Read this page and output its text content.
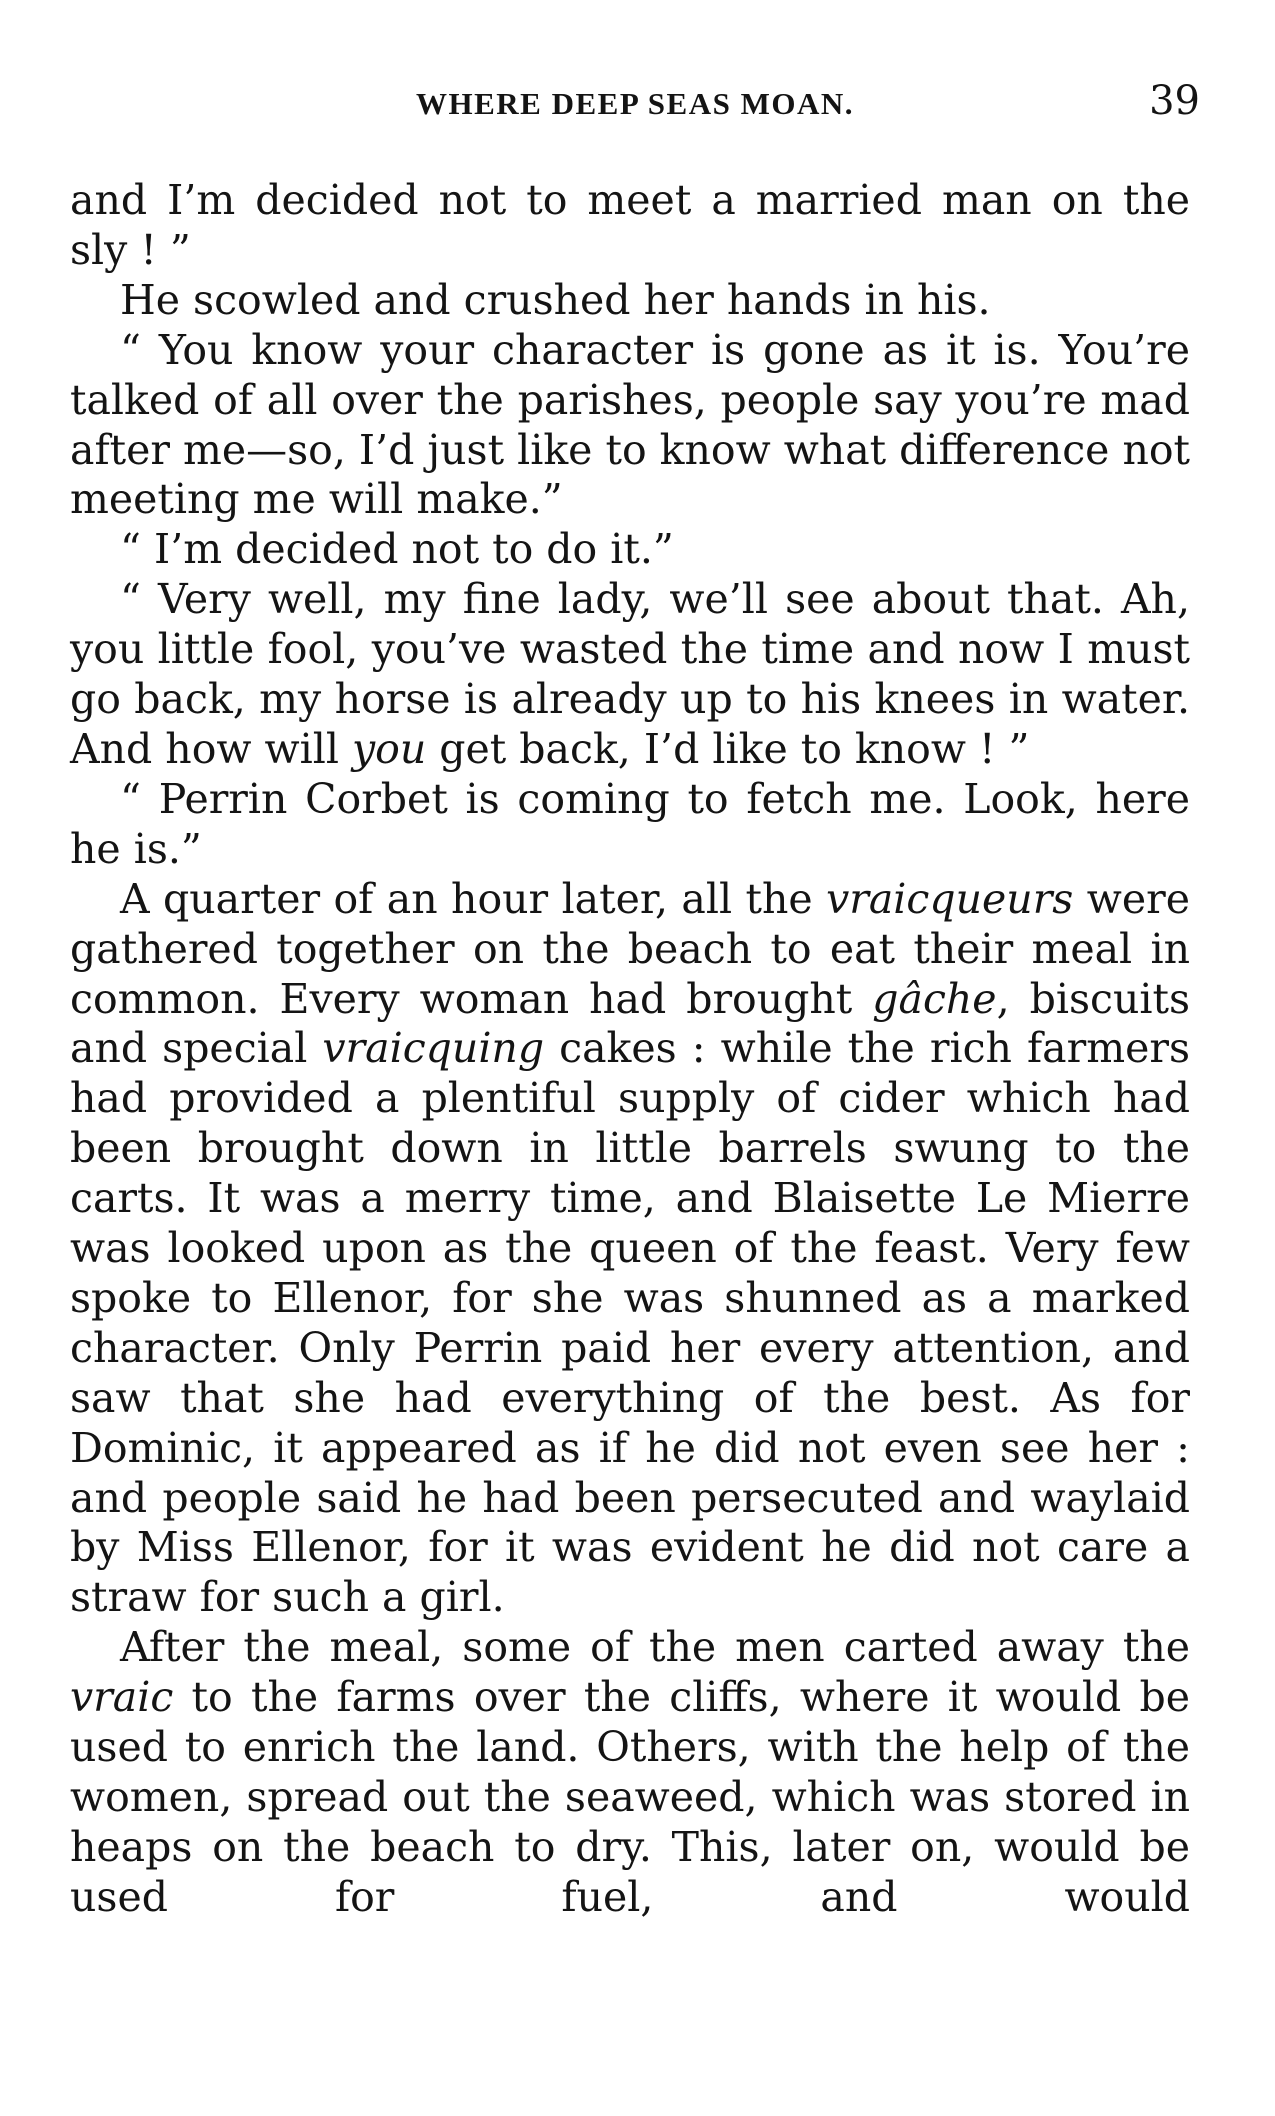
WHERE DEEP SEAS MOAN.	39

and I’m decided not to meet a married man on the sly ! ”

He scowled and crushed her hands in his.

“ You know your character is gone as it is. You’re talked of all over the parishes, people say you’re mad after me—so, I’d just like to know what difference not meeting me will make.”

“ I’m decided not to do it.”

“ Very well, my fine lady, we’ll see about that. Ah, you little fool, you’ve wasted the time and now I must go back, my horse is already up to his knees in water. And how will you get back, I’d like to know ! ”

“ Perrin Corbet is coming to fetch me. Look, here he is.”

A quarter of an hour later, all the vraicqueurs were gathered together on the beach to eat their meal in common. Every woman had brought gâche, biscuits and special vraicquing cakes : while the rich farmers had provided a plentiful supply of cider which had been brought down in little barrels swung to the carts. It was a merry time, and Blaisette Le Mierre was looked upon as the queen of the feast. Very few spoke to Ellenor, for she was shunned as a marked character. Only Perrin paid her every attention, and saw that she had everything of the best. As for Dominic, it appeared as if he did not even see her : and people said he had been persecuted and waylaid by Miss Ellenor, for it was evident he did not care a straw for such a girl.

After the meal, some of the men carted away the vraic to the farms over the cliffs, where it would be used to enrich the land. Others, with the help of the women, spread out the seaweed, which was stored in heaps on the beach to dry. This, later on, would be used for fuel, and would
